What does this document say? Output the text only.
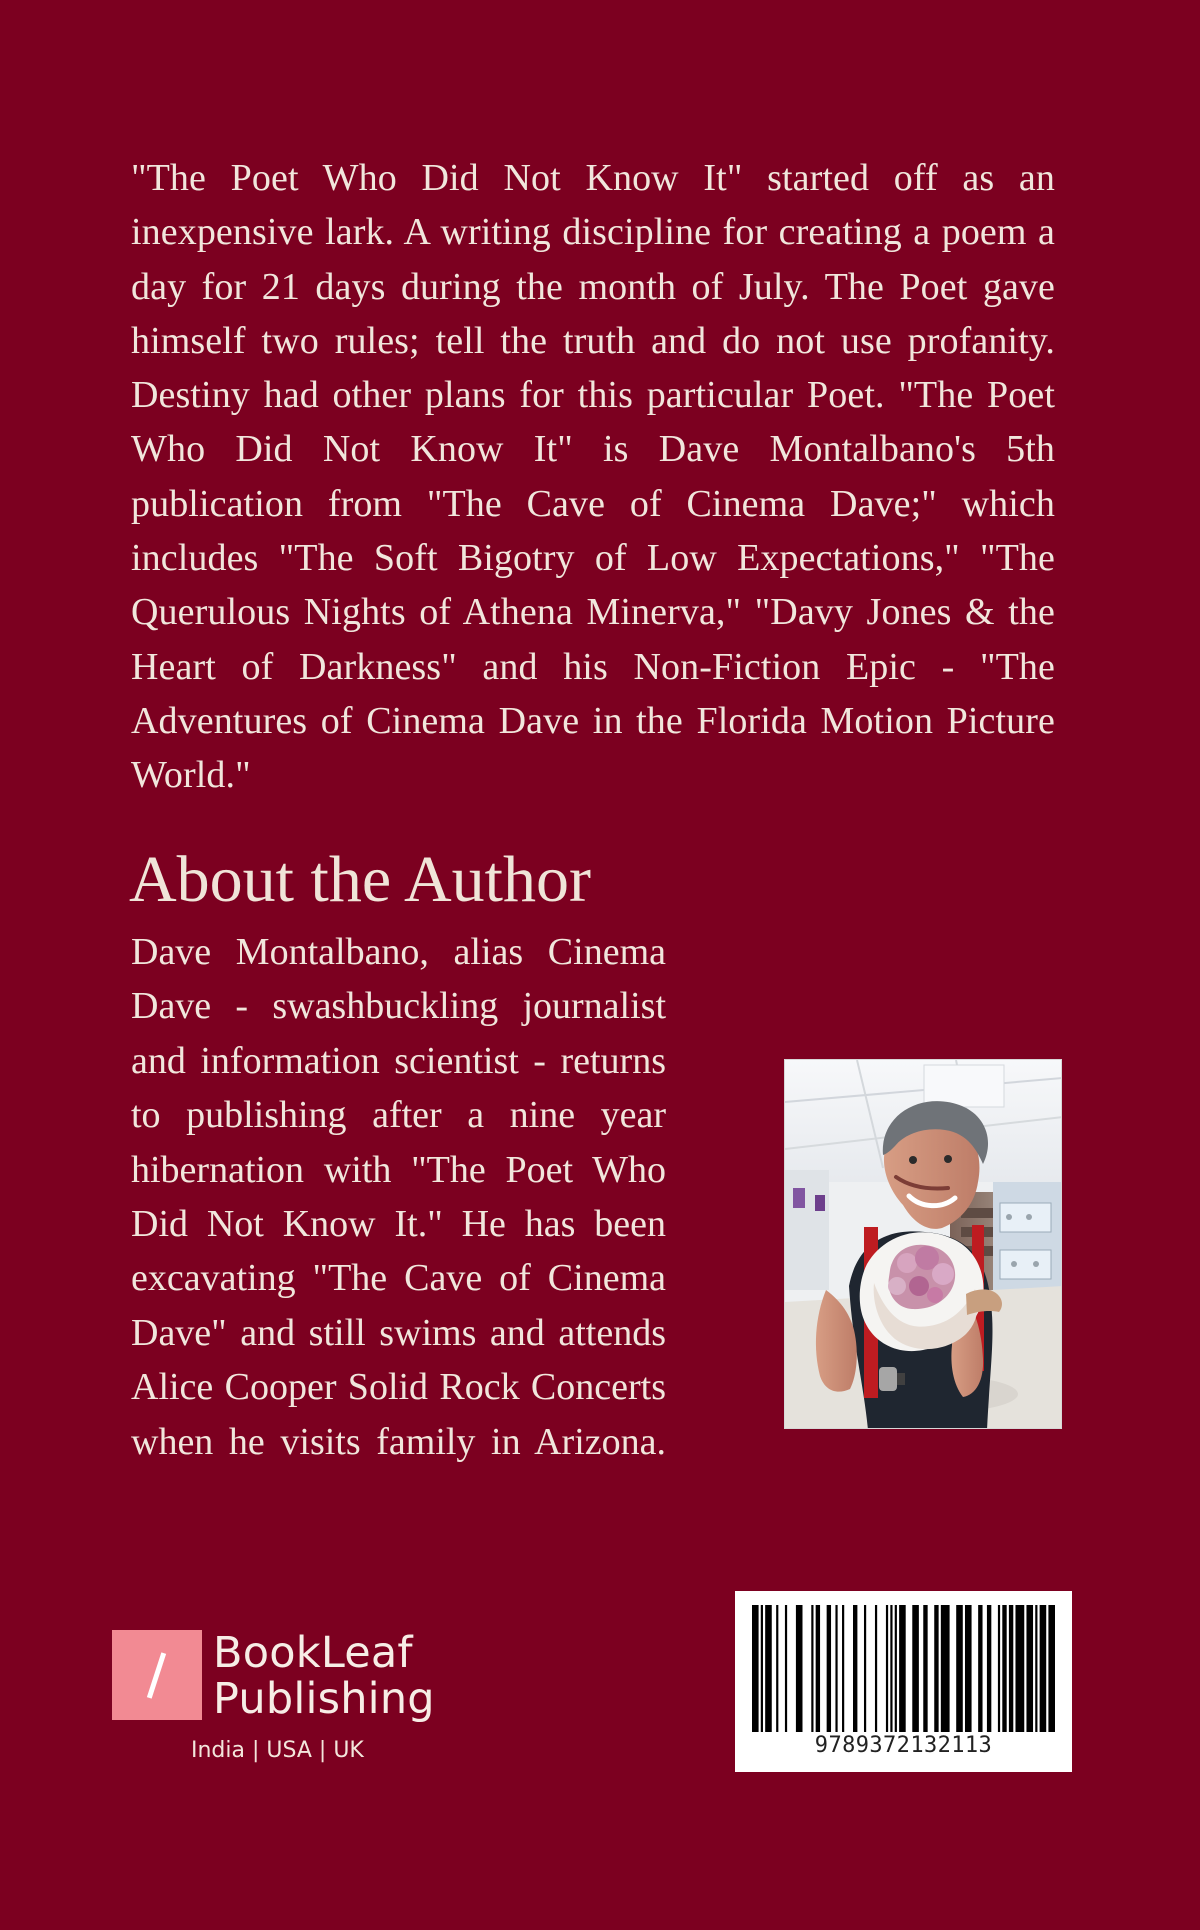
"The Poet Who Did Not Know It" started off as an inexpensive lark. A writing discipline for creating a poem a day for 21 days during the month of July. The Poet gave himself two rules; tell the truth and do not use profanity. Destiny had other plans for this particular Poet. "The Poet Who Did Not Know It" is Dave Montalbano's 5th publication from "The Cave of Cinema Dave;" which includes "The Soft Bigotry of Low Expectations," "The Querulous Nights of Athena Minerva," "Davy Jones & the Heart of Darkness" and his Non-Fiction Epic - "The Adventures of Cinema Dave in the Florida Motion Picture World."

About the Author

Dave Montalbano, alias Cinema Dave - swashbuckling journalist and information scientist - returns to publishing after a nine year hibernation with "The Poet Who Did Not Know It." He has been excavating "The Cave of Cinema Dave" and still swims and attends Alice Cooper Solid Rock Concerts when he visits family in Arizona.

BookLeaf
Publishing
India | USA | UK	9789372132113
